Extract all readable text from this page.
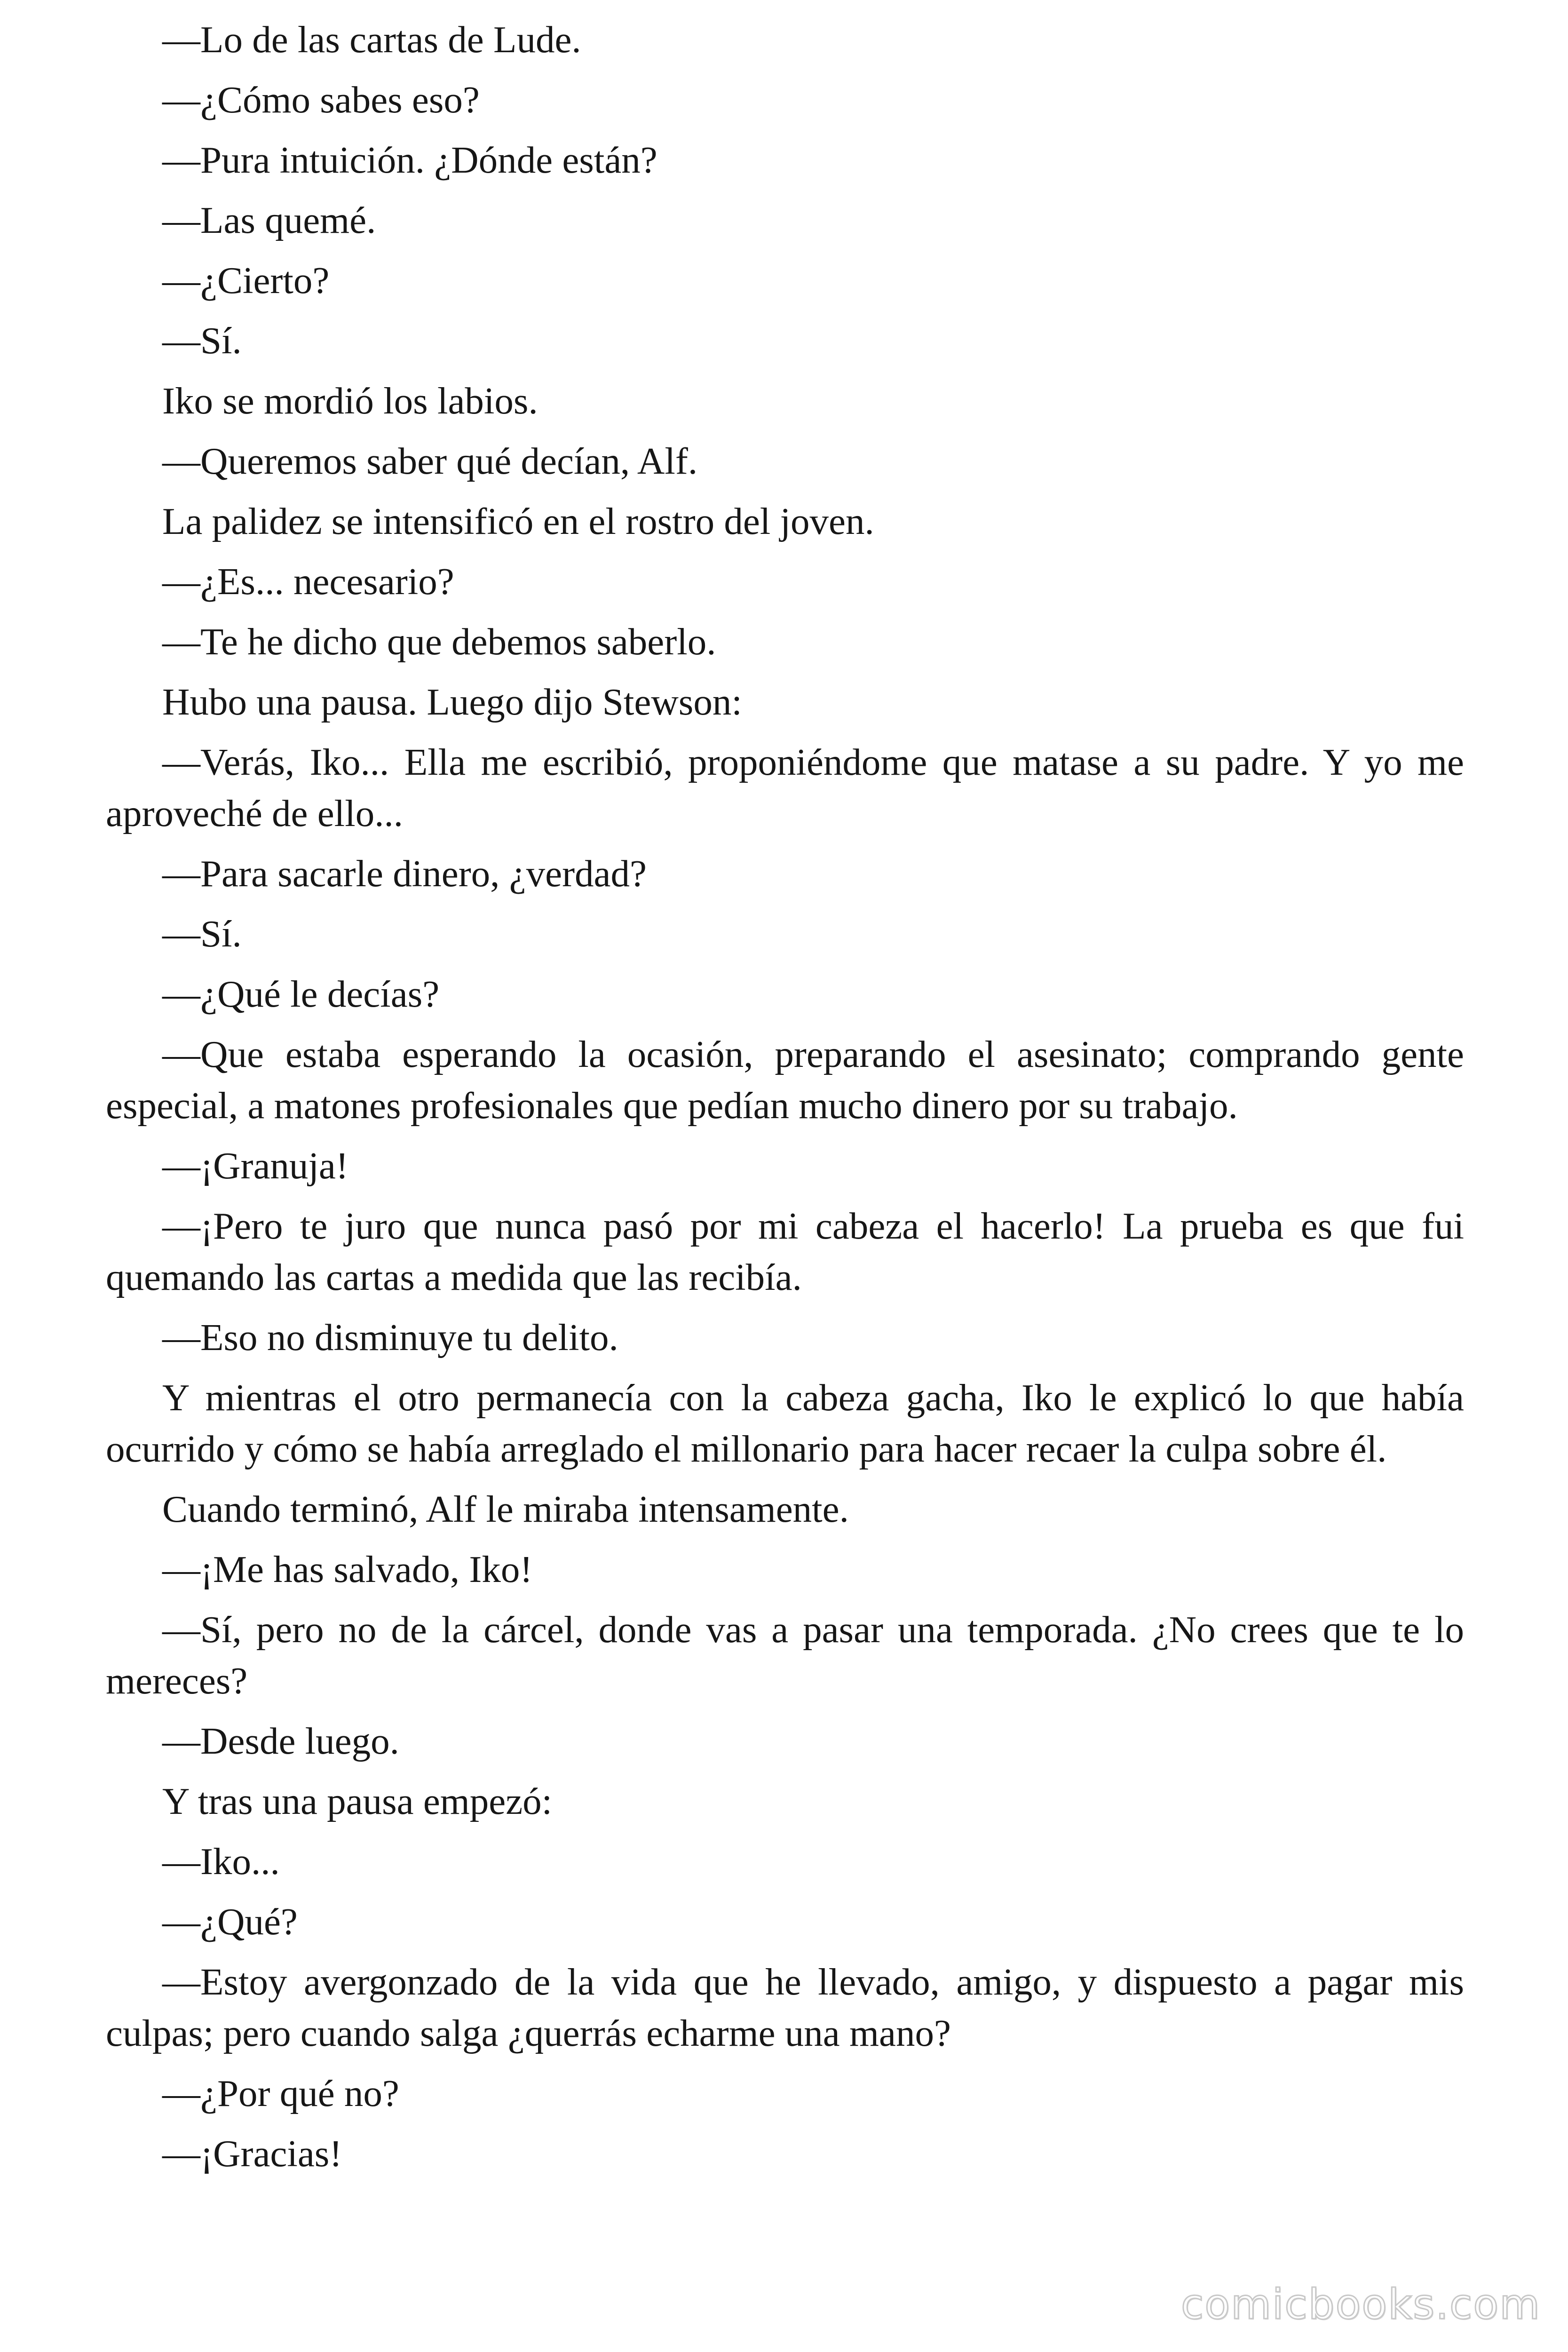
—Lo de las cartas de Lude.

—¿Cómo sabes eso?

—Pura intuición. ¿Dónde están?

—Las quemé.

—¿Cierto?

—Sí.

Iko se mordió los labios.

—Queremos saber qué decían, Alf.

La palidez se intensificó en el rostro del joven.

—¿Es... necesario?

—Te he dicho que debemos saberlo.

Hubo una pausa. Luego dijo Stewson:

—Verás, Iko... Ella me escribió, proponiéndome que matase a su padre. Y yo me aproveché de ello...

—Para sacarle dinero, ¿verdad?

—Sí.

—¿Qué le decías?

—Que estaba esperando la ocasión, preparando el asesinato; comprando gente especial, a matones profesionales que pedían mucho dinero por su trabajo.

—¡Granuja!

—¡Pero te juro que nunca pasó por mi cabeza el hacerlo! La prueba es que fui quemando las cartas a medida que las recibía.

—Eso no disminuye tu delito.

Y mientras el otro permanecía con la cabeza gacha, Iko le explicó lo que había ocurrido y cómo se había arreglado el millonario para hacer recaer la culpa sobre él.

Cuando terminó, Alf le miraba intensamente.

—¡Me has salvado, Iko!

—Sí, pero no de la cárcel, donde vas a pasar una temporada. ¿No crees que te lo mereces?

—Desde luego.

Y tras una pausa empezó:

—Iko...

—¿Qué?

—Estoy avergonzado de la vida que he llevado, amigo, y dispuesto a pagar mis culpas; pero cuando salga ¿querrás echarme una mano?

—¿Por qué no?

—¡Gracias!

comicbooks.com
